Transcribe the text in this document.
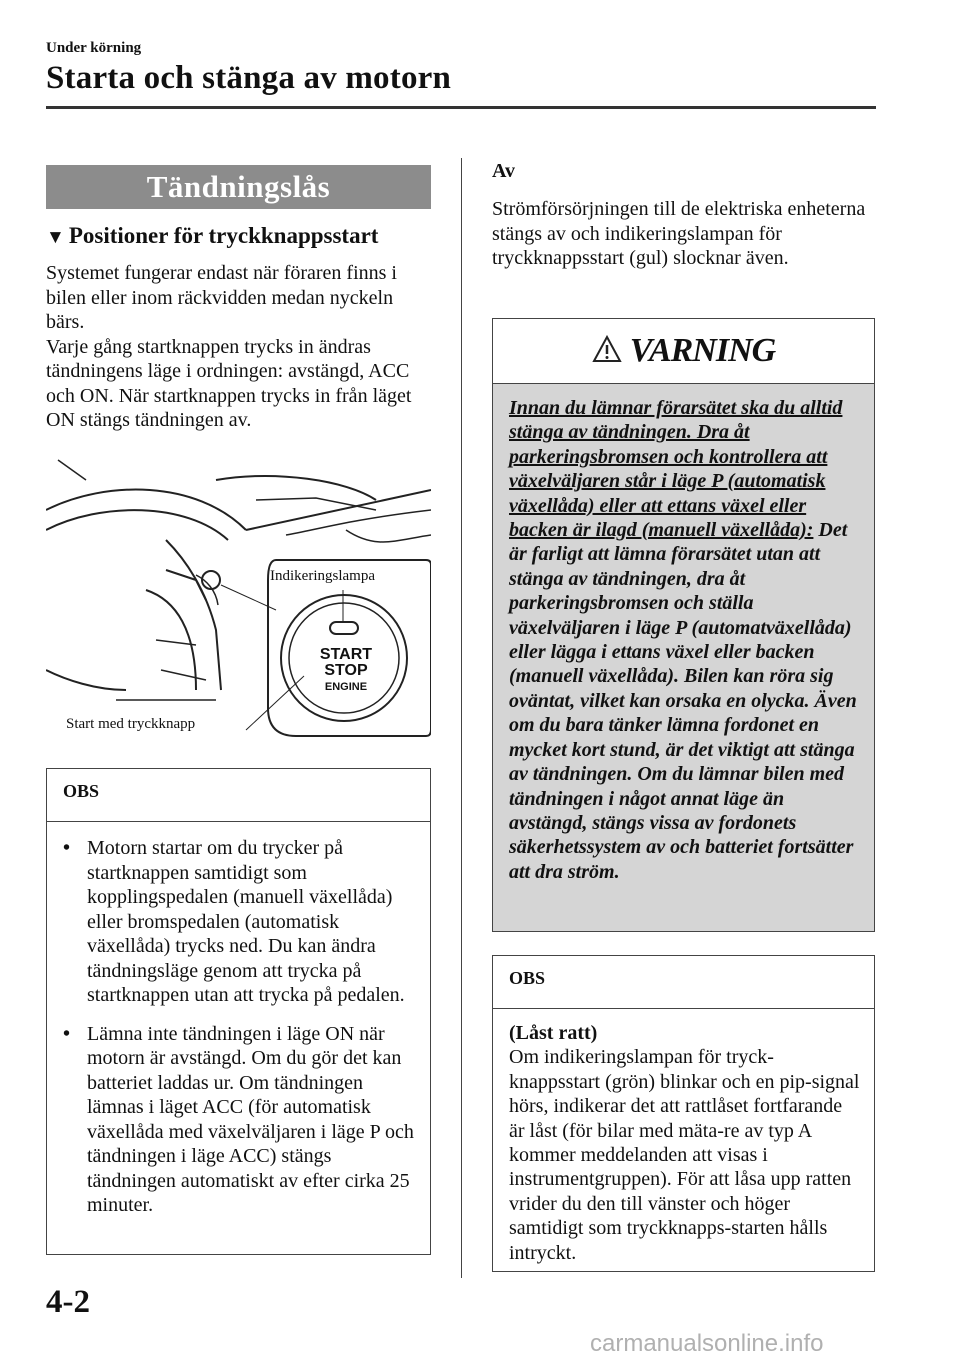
Under körning
Starta och stänga av motorn
Tändningslås
▼ Positioner för tryckknappsstart
Systemet fungerar endast när föraren finns i bilen eller inom räckvidden medan nyckeln bärs.
Varje gång startknappen trycks in ändras tändningens läge i ordningen: avstängd, ACC och ON. När startknappen trycks in från läget ON stängs tändningen av.
START
STOP
ENGINE
Indikeringslampa
Start med tryckknapp
OBS
• Motorn startar om du trycker på startknappen samtidigt som kopplingspedalen (manuell växellåda) eller bromspedalen (automatisk växellåda) trycks ned. Du kan ändra tändningsläge genom att trycka på startknappen utan att trycka på pedalen.
• Lämna inte tändningen i läge ON när motorn är avstängd. Om du gör det kan batteriet laddas ur. Om tändningen lämnas i läget ACC (för automatisk växellåda med växelväljaren i läge P och tändningen i läge ACC) stängs tändningen automatiskt av efter cirka 25 minuter.
Av
Strömförsörjningen till de elektriska enheterna stängs av och indikeringslampan för tryckknappsstart (gul) slocknar även.
VARNING
Innan du lämnar förarsätet ska du alltid stänga av tändningen. Dra åt parkeringsbromsen och kontrollera att växelväljaren står i läge P (automatisk växellåda) eller att ettans växel eller backen är ilagd (manuell växellåda): Det är farligt att lämna förarsätet utan att stänga av tändningen, dra åt parkeringsbromsen och ställa växelväljaren i läge P (automatväxellåda) eller lägga i ettans växel eller backen (manuell växellåda). Bilen kan röra sig oväntat, vilket kan orsaka en olycka. Även om du bara tänker lämna fordonet en mycket kort stund, är det viktigt att stänga av tändningen. Om du lämnar bilen med tändningen i något annat läge än avstängd, stängs vissa av fordonets säkerhetssystem av och batteriet fortsätter att dra ström.
OBS
(Låst ratt)
Om indikeringslampan för tryck-knappsstart (grön) blinkar och en pip-signal hörs, indikerar det att rattlåset fortfarande är låst (för bilar med mäta-re av typ A kommer meddelanden att visas i instrumentgruppen). För att låsa upp ratten vrider du den till vänster och höger samtidigt som tryckknapps-starten hålls intryckt.
4-2
carmanualsonline.info
